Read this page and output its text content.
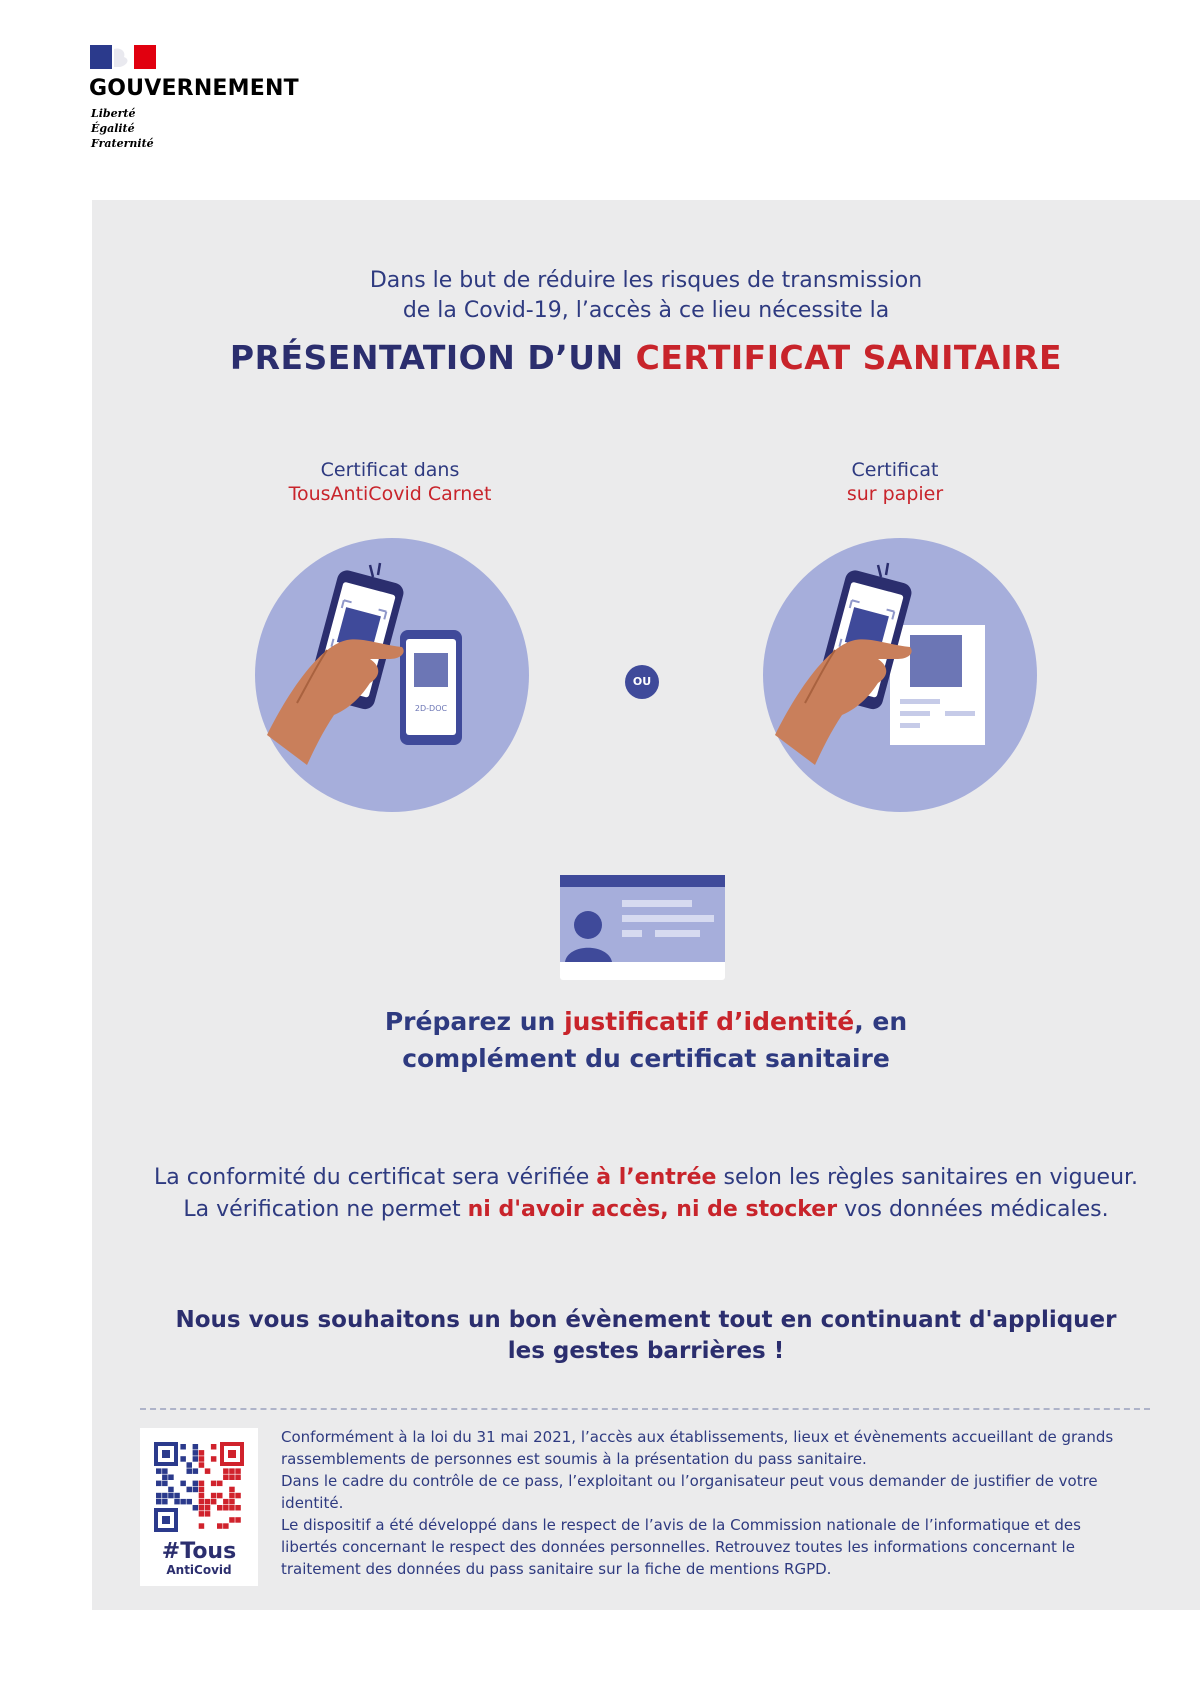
GOUVERNEMENT
Liberté
Égalité
Fraternité
Dans le but de réduire les risques de transmission
de la Covid-19, l’accès à ce lieu nécessite la
PRÉSENTATION D’UN CERTIFICAT SANITAIRE
Certificat dans
TousAntiCovid Carnet
Certificat
sur papier
2D-DOC
OU
Préparez un justificatif d’identité, en
complément du certificat sanitaire
La conformité du certificat sera vérifiée à l’entrée selon les règles sanitaires en vigueur.
La vérification ne permet ni d'avoir accès, ni de stocker vos données médicales.
Nous vous souhaitons un bon évènement tout en continuant d'appliquer
les gestes barrières !
#Tous
AntiCovid

Conformément à la loi du 31 mai 2021, l’accès aux établissements, lieux et évènements accueillant de grands rassemblements de personnes est soumis à la présentation du pass sanitaire.

Dans le cadre du contrôle de ce pass, l’exploitant ou l’organisateur peut vous demander de justifier de votre identité.

Le dispositif a été développé dans le respect de l’avis de la Commission nationale de l’informatique et des libertés concernant le respect des données personnelles. Retrouvez toutes les informations concernant le traitement des données du pass sanitaire sur la fiche de mentions RGPD.
